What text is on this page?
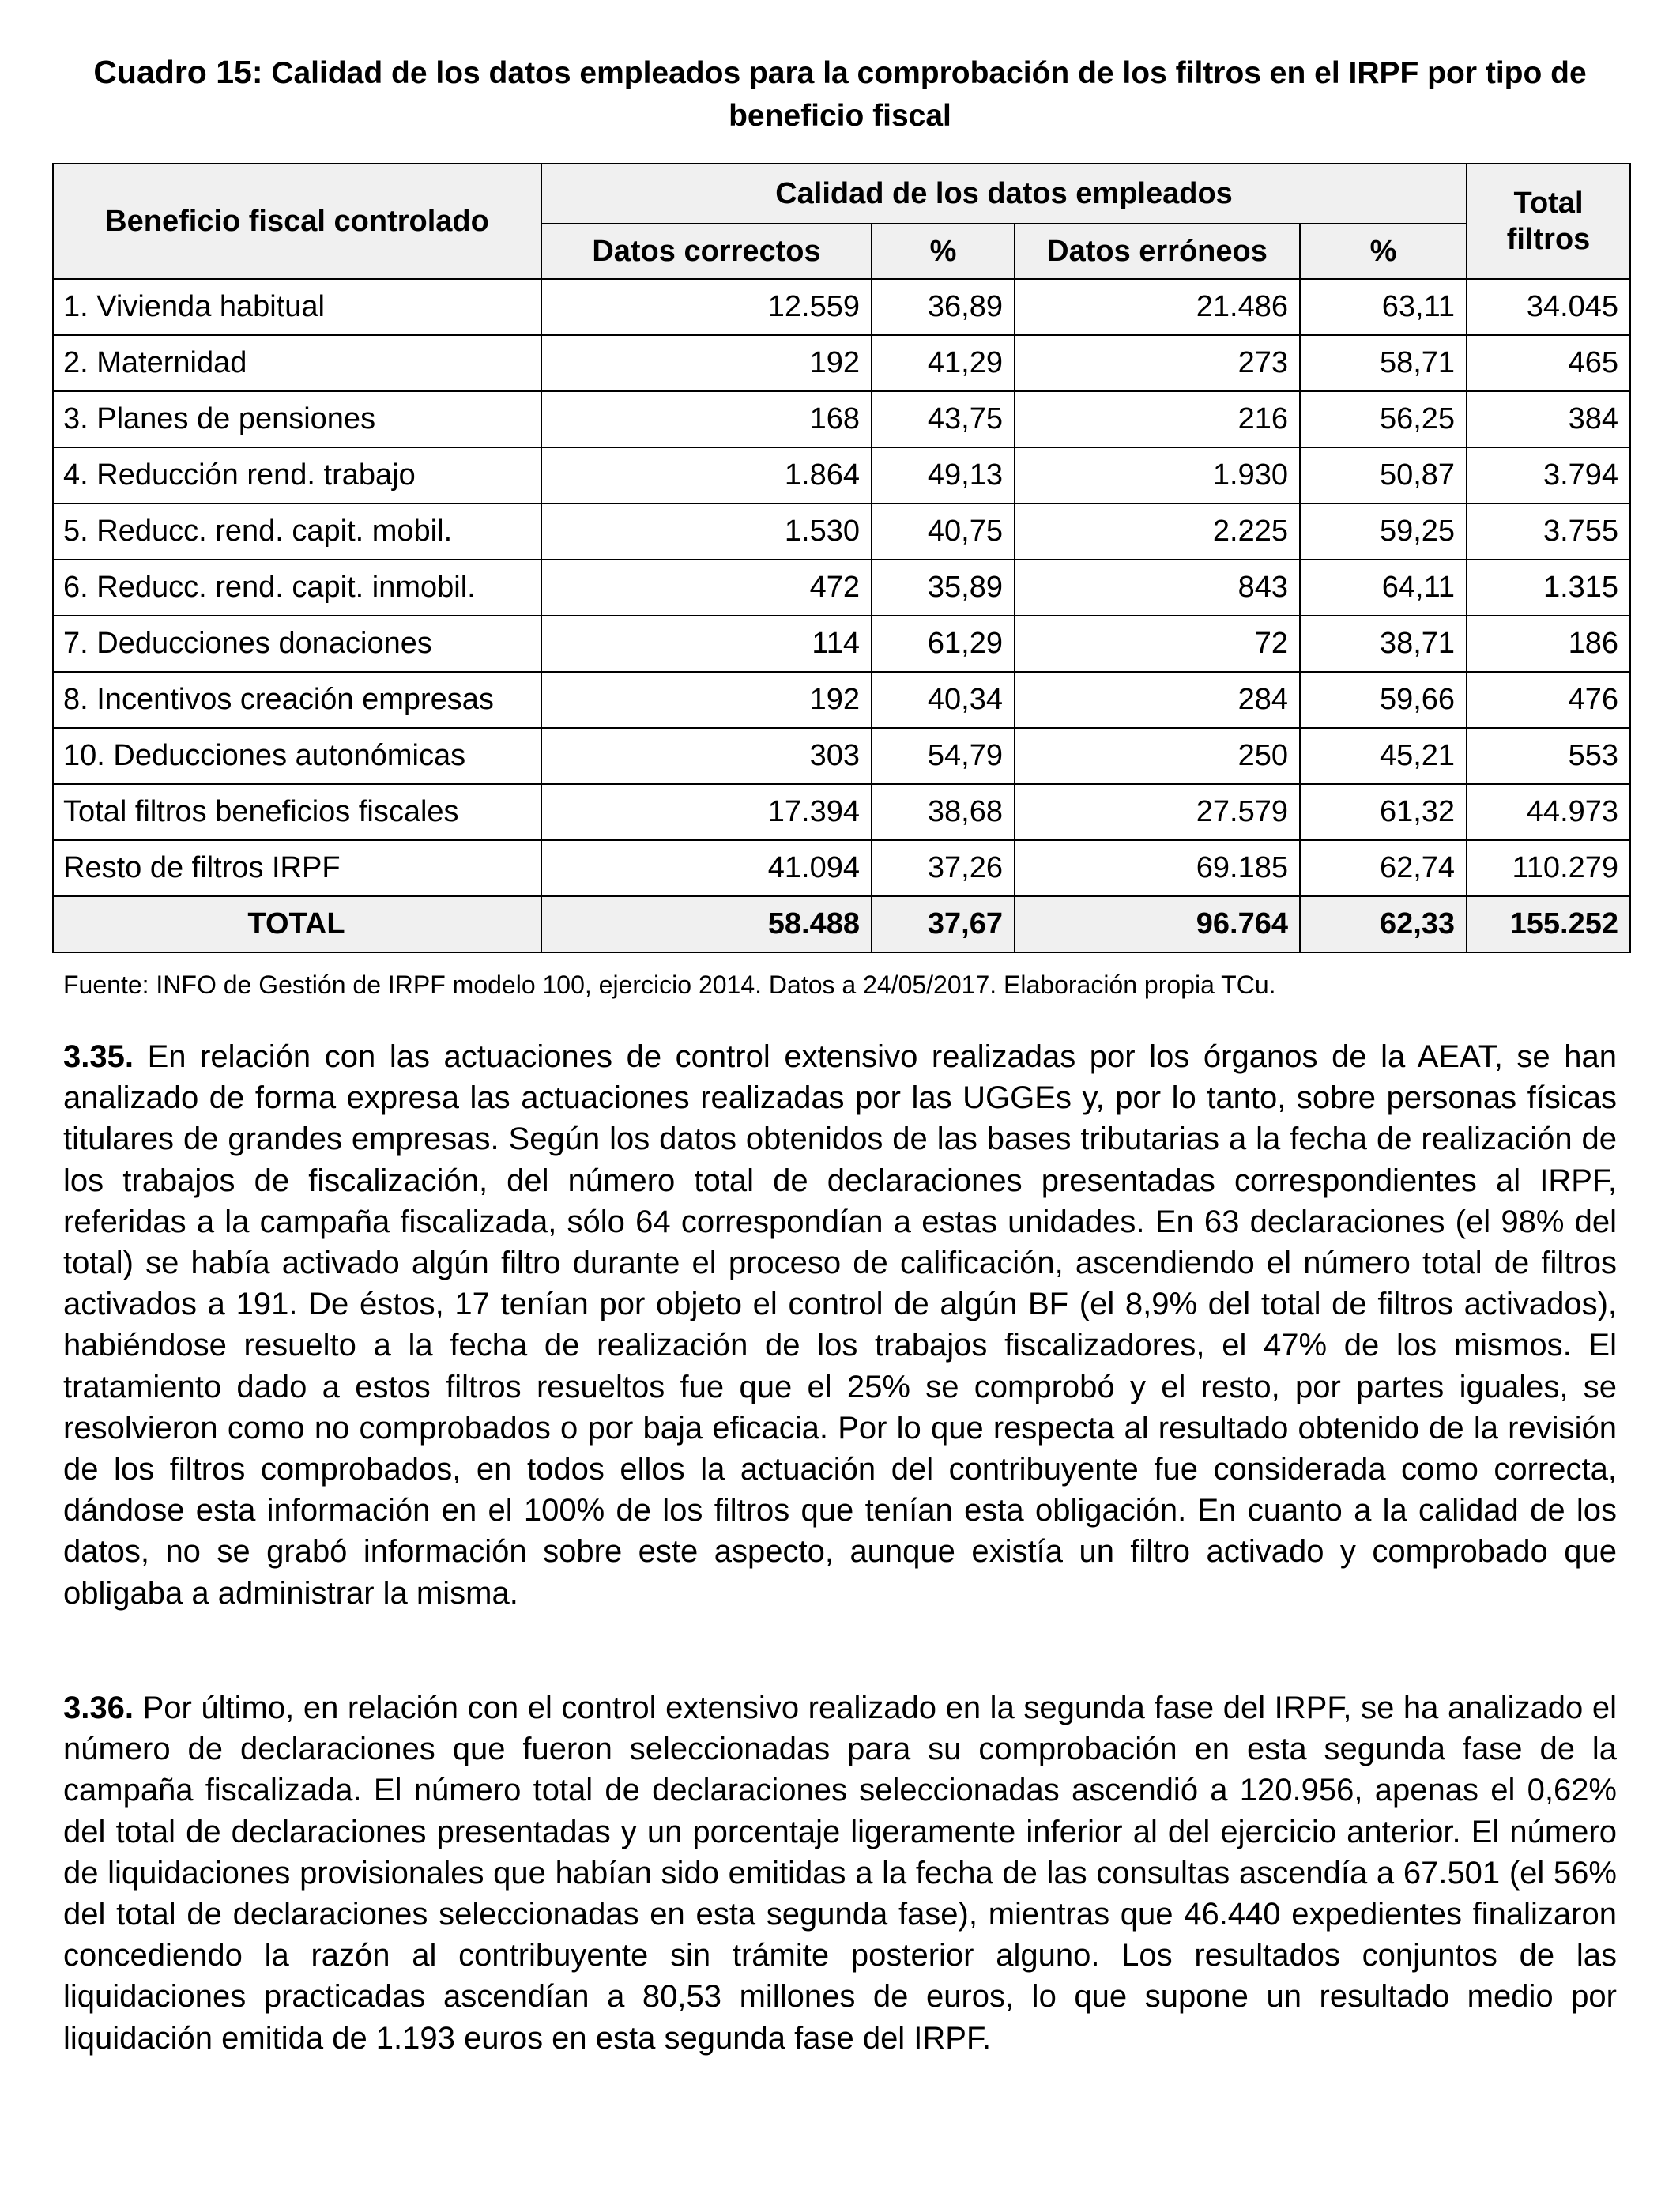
Cuadro 15: Calidad de los datos empleados para la comprobación de los filtros en el IRPF por tipo de beneficio fiscal
Beneficio fiscal controlado	Calidad de los datos empleados				Total filtros
	Datos correctos	%	Datos erróneos	%	
1. Vivienda habitual	12.559	36,89	21.486	63,11	34.045
2. Maternidad	192	41,29	273	58,71	465
3. Planes de pensiones	168	43,75	216	56,25	384
4. Reducción rend. trabajo	1.864	49,13	1.930	50,87	3.794
5. Reducc. rend. capit. mobil.	1.530	40,75	2.225	59,25	3.755
6. Reducc. rend. capit. inmobil.	472	35,89	843	64,11	1.315
7. Deducciones donaciones	114	61,29	72	38,71	186
8. Incentivos creación empresas	192	40,34	284	59,66	476
10. Deducciones autonómicas	303	54,79	250	45,21	553
Total filtros beneficios fiscales	17.394	38,68	27.579	61,32	44.973
Resto de filtros IRPF	41.094	37,26	69.185	62,74	110.279
TOTAL	58.488	37,67	96.764	62,33	155.252
Fuente: INFO de Gestión de IRPF modelo 100, ejercicio 2014. Datos a 24/05/2017. Elaboración propia TCu.
3.35. En relación con las actuaciones de control extensivo realizadas por los órganos de la AEAT, se han analizado de forma expresa las actuaciones realizadas por las UGGEs y, por lo tanto, sobre personas físicas titulares de grandes empresas. Según los datos obtenidos de las bases tributarias a la fecha de realización de los trabajos de fiscalización, del número total de declaraciones presentadas correspondientes al IRPF, referidas a la campaña fiscalizada, sólo 64 correspondían a estas unidades. En 63 declaraciones (el 98% del total) se había activado algún filtro durante el proceso de calificación, ascendiendo el número total de filtros activados a 191. De éstos, 17 tenían por objeto el control de algún BF (el 8,9% del total de filtros activados), habiéndose resuelto a la fecha de realización de los trabajos fiscalizadores, el 47% de los mismos. El tratamiento dado a estos filtros resueltos fue que el 25% se comprobó y el resto, por partes iguales, se resolvieron como no comprobados o por baja eficacia. Por lo que respecta al resultado obtenido de la revisión de los filtros comprobados, en todos ellos la actuación del contribuyente fue considerada como correcta, dándose esta información en el 100% de los filtros que tenían esta obligación. En cuanto a la calidad de los datos, no se grabó información sobre este aspecto, aunque existía un filtro activado y comprobado que obligaba a administrar la misma.
3.36. Por último, en relación con el control extensivo realizado en la segunda fase del IRPF, se ha analizado el número de declaraciones que fueron seleccionadas para su comprobación en esta segunda fase de la campaña fiscalizada. El número total de declaraciones seleccionadas ascendió a 120.956, apenas el 0,62% del total de declaraciones presentadas y un porcentaje ligeramente inferior al del ejercicio anterior. El número de liquidaciones provisionales que habían sido emitidas a la fecha de las consultas ascendía a 67.501 (el 56% del total de declaraciones seleccionadas en esta segunda fase), mientras que 46.440 expedientes finalizaron concediendo la razón al contribuyente sin trámite posterior alguno. Los resultados conjuntos de las liquidaciones practicadas ascendían a 80,53 millones de euros, lo que supone un resultado medio por liquidación emitida de 1.193 euros en esta segunda fase del IRPF.
